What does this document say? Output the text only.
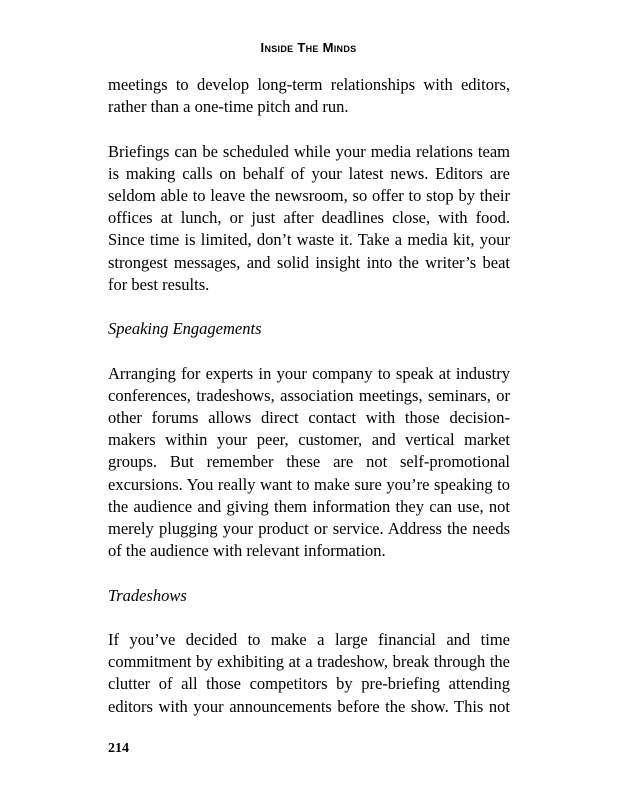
Inside The Minds

meetings to develop long-term relationships with editors, rather than a one-time pitch and run.

Briefings can be scheduled while your media relations team is making calls on behalf of your latest news. Editors are seldom able to leave the newsroom, so offer to stop by their offices at lunch, or just after deadlines close, with food. Since time is limited, don’t waste it. Take a media kit, your strongest messages, and solid insight into the writer’s beat for best results.

Speaking Engagements

Arranging for experts in your company to speak at industry conferences, tradeshows, association meetings, seminars, or other forums allows direct contact with those decision-makers within your peer, customer, and vertical market groups. But remember these are not self-promotional excursions. You really want to make sure you’re speaking to the audience and giving them information they can use, not merely plugging your product or service. Address the needs of the audience with relevant information.

Tradeshows

If you’ve decided to make a large financial and time commitment by exhibiting at a tradeshow, break through the clutter of all those competitors by pre-briefing attending editors with your announcements before the show. This not

214
